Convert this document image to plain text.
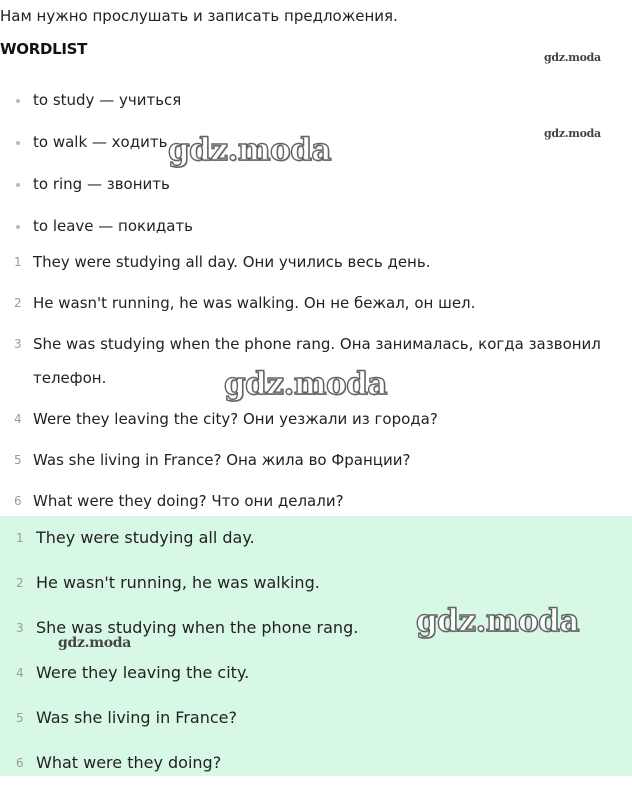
Нам нужно прослушать и записать предложения.
WORDLIST
to study — учиться
to walk — ходить
to ring — звонить
to leave — покидать
1 They were studying all day. Они учились весь день.
2 He wasn't running, he was walking. Он не бежал, он шел.
3 She was studying when the phone rang. Она занималась, когда зазвонил телефон.
4 Were they leaving the city? Они уезжали из города?
5 Was she living in France? Она жила во Франции?
6 What were they doing? Что они делали?
1 They were studying all day.
2 He wasn't running, he was walking.
3 She was studying when the phone rang.
4 Were they leaving the city.
5 Was she living in France?
6 What were they doing?
gdz.moda
gdz.moda
gdz.moda
gdz.moda
gdz.moda
gdz.moda
